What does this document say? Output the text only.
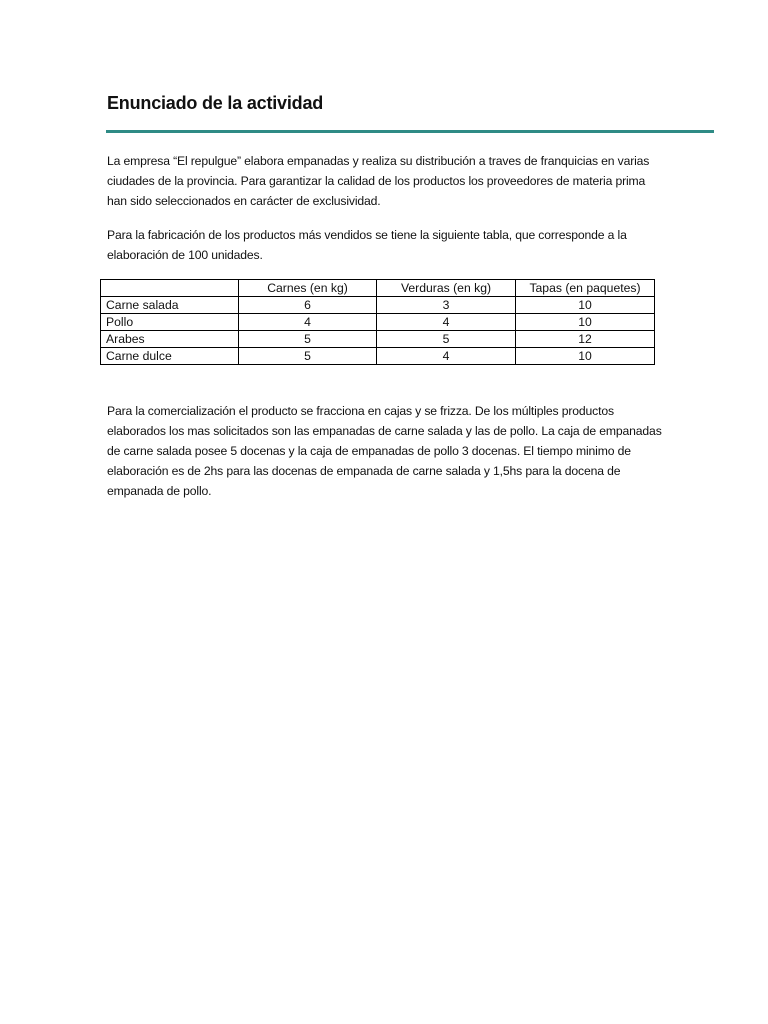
Enunciado de la actividad

La empresa “El repulgue” elabora empanadas y realiza su distribución a traves de franquicias en varias ciudades de la provincia. Para garantizar la calidad de los productos los proveedores de materia prima han sido seleccionados en carácter de exclusividad.

Para la fabricación de los productos más vendidos se tiene la siguiente tabla, que corresponde a la elaboración de 100 unidades.

	Carnes (en kg)	Verduras (en kg)	Tapas (en paquetes)
Carne salada	6	3	10
Pollo	4	4	10
Arabes	5	5	12
Carne dulce	5	4	10

Para la comercialización el producto se fracciona en cajas y se frizza. De los múltiples productos elaborados los mas solicitados son las empanadas de carne salada y las de pollo. La caja de empanadas de carne salada posee 5 docenas y la caja de empanadas de pollo 3 docenas. El tiempo minimo de elaboración es de 2hs para las docenas de empanada de carne salada y 1,5hs para la docena de empanada de pollo.
